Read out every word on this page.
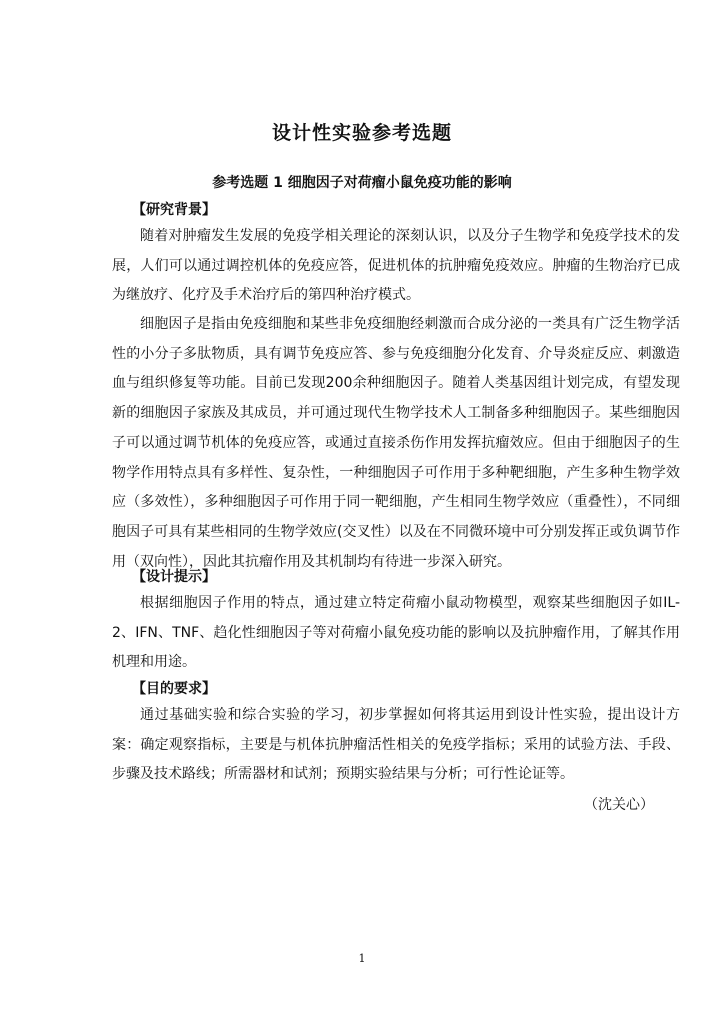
设计性实验参考选题
参考选题 1 细胞因子对荷瘤小鼠免疫功能的影响
【研究背景】
随着对肿瘤发生发展的免疫学相关理论的深刻认识，以及分子生物学和免疫学技术的发展，人们可以通过调控机体的免疫应答，促进机体的抗肿瘤免疫效应。肿瘤的生物治疗已成为继放疗、化疗及手术治疗后的第四种治疗模式。
细胞因子是指由免疫细胞和某些非免疫细胞经刺激而合成分泌的一类具有广泛生物学活性的小分子多肽物质，具有调节免疫应答、参与免疫细胞分化发育、介导炎症反应、刺激造血与组织修复等功能。目前已发现200余种细胞因子。随着人类基因组计划完成，有望发现新的细胞因子家族及其成员，并可通过现代生物学技术人工制备多种细胞因子。某些细胞因子可以通过调节机体的免疫应答，或通过直接杀伤作用发挥抗瘤效应。但由于细胞因子的生物学作用特点具有多样性、复杂性，一种细胞因子可作用于多种靶细胞，产生多种生物学效应（多效性），多种细胞因子可作用于同一靶细胞，产生相同生物学效应（重叠性），不同细胞因子可具有某些相同的生物学效应(交叉性）以及在不同微环境中可分别发挥正或负调节作用（双向性），因此其抗瘤作用及其机制均有待进一步深入研究。
【设计提示】
根据细胞因子作用的特点，通过建立特定荷瘤小鼠动物模型，观察某些细胞因子如IL-2、IFN、TNF、趋化性细胞因子等对荷瘤小鼠免疫功能的影响以及抗肿瘤作用，了解其作用机理和用途。
【目的要求】
通过基础实验和综合实验的学习，初步掌握如何将其运用到设计性实验，提出设计方案：确定观察指标，主要是与机体抗肿瘤活性相关的免疫学指标；采用的试验方法、手段、步骤及技术路线；所需器材和试剂；预期实验结果与分析；可行性论证等。
（沈关心）
1
